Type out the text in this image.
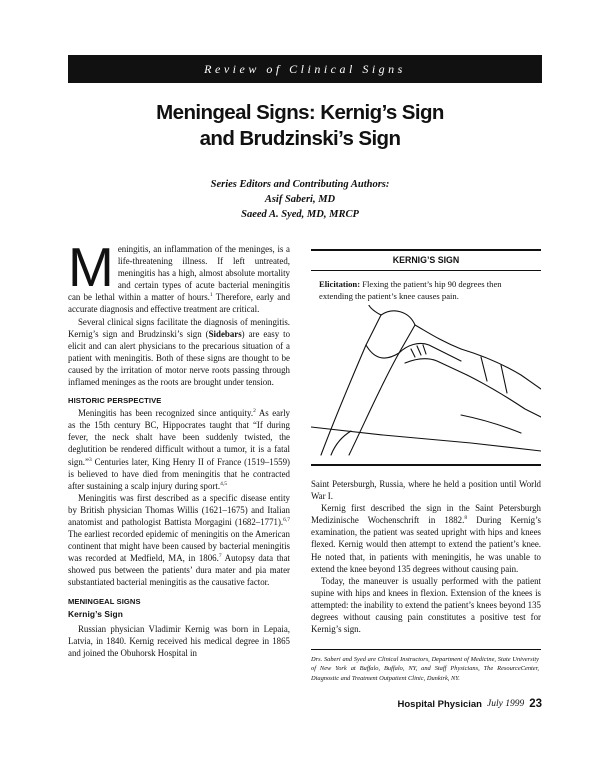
Review of Clinical Signs
Meningeal Signs: Kernig’s Sign
and Brudzinski’s Sign
Series Editors and Contributing Authors:
Asif Saberi, MD
Saeed A. Syed, MD, MRCP

Meningitis, an inflammation of the meninges, is a life-threatening illness. If left untreated, meningitis has a high, almost absolute mortality and certain types of acute bacterial meningitis can be lethal within a matter of hours.$^1$ Therefore, early and accurate diagnosis and effective treatment are critical.

Several clinical signs facilitate the diagnosis of meningitis. Kernig’s sign and Brudzinski’s sign (Sidebars) are easy to elicit and can alert physicians to the precarious situation of a patient with meningitis. Both of these signs are thought to be caused by the irritation of motor nerve roots passing through inflamed meninges as the roots are brought under tension.

HISTORIC PERSPECTIVE

Meningitis has been recognized since antiquity.$^2$ As early as the 15th century BC, Hippocrates taught that “If during fever, the neck shalt have been suddenly twisted, the deglutition be rendered difficult without a tumor, it is a fatal sign.”$^3$ Centuries later, King Henry II of France (1519–1559) is believed to have died from meningitis that he contracted after sustaining a scalp injury during sport.$^{4,5}$

Meningitis was first described as a specific disease entity by British physician Thomas Willis (1621–1675) and Italian anatomist and pathologist Battista Morgagini (1682–1771).$^{6,7}$ The earliest recorded epidemic of meningitis on the American continent that might have been caused by bacterial meningitis was recorded at Medfield, MA, in 1806.$^7$ Autopsy data that showed pus between the patients’ dura mater and pia mater substantiated bacterial meningitis as the causative factor.

MENINGEAL SIGNS
Kernig’s Sign

Russian physician Vladimir Kernig was born in Lepaia, Latvia, in 1840. Kernig received his medical degree in 1865 and joined the Obuhorsk Hospital in

KERNIG’S SIGN
Elicitation: Flexing the patient’s hip 90 degrees then extending the patient’s knee causes pain.

Saint Petersburgh, Russia, where he held a position until World War I.

Kernig first described the sign in the Saint Petersburgh Medizinische Wochenschrift in 1882.$^8$ During Kernig’s examination, the patient was seated upright with hips and knees flexed. Kernig would then attempt to extend the patient’s knee. He noted that, in patients with meningitis, he was unable to extend the knee beyond 135 degrees without causing pain.

Today, the maneuver is usually performed with the patient supine with hips and knees in flexion. Extension of the knees is attempted: the inability to extend the patient’s knees beyond 135 degrees without causing pain constitutes a positive test for Kernig’s sign.

Drs. Saberi and Syed are Clinical Instructors, Department of Medicine, State University of New York at Buffalo, Buffalo, NY, and Staff Physicians, The ResourceCenter, Diagnostic and Treatment Outpatient Clinic, Dunkirk, NY.
Hospital Physician July 1999 23
